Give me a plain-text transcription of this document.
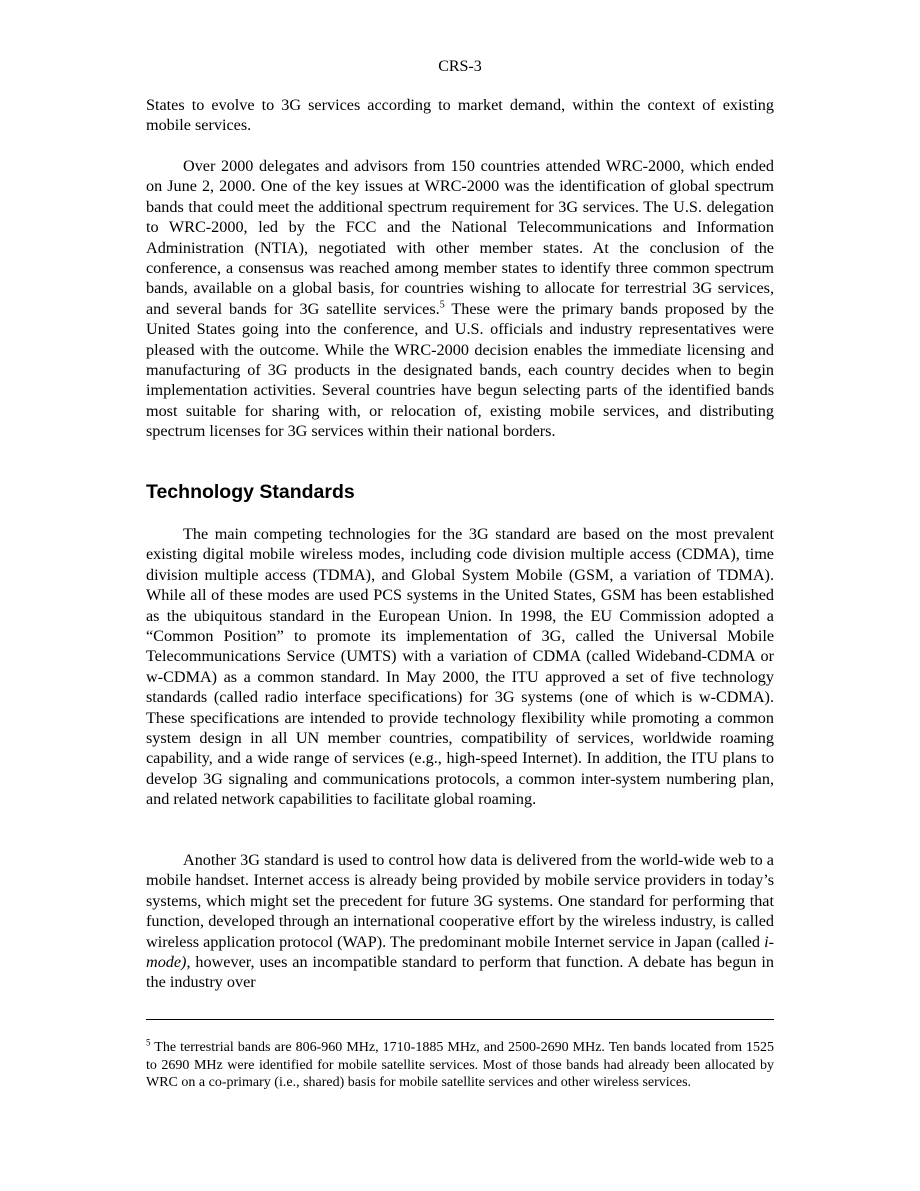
CRS-3
States to evolve to 3G services according to market demand, within the context of existing mobile services.
Over 2000 delegates and advisors from 150 countries attended WRC-2000, which ended on June 2, 2000. One of the key issues at WRC-2000 was the identification of global spectrum bands that could meet the additional spectrum requirement for 3G services. The U.S. delegation to WRC-2000, led by the FCC and the National Telecommunications and Information Administration (NTIA), negotiated with other member states. At the conclusion of the conference, a consensus was reached among member states to identify three common spectrum bands, available on a global basis, for countries wishing to allocate for terrestrial 3G services, and several bands for 3G satellite services.$^5$ These were the primary bands proposed by the United States going into the conference, and U.S. officials and industry representatives were pleased with the outcome. While the WRC-2000 decision enables the immediate licensing and manufacturing of 3G products in the designated bands, each country decides when to begin implementation activities. Several countries have begun selecting parts of the identified bands most suitable for sharing with, or relocation of, existing mobile services, and distributing spectrum licenses for 3G services within their national borders.
Technology Standards
The main competing technologies for the 3G standard are based on the most prevalent existing digital mobile wireless modes, including code division multiple access (CDMA), time division multiple access (TDMA), and Global System Mobile (GSM, a variation of TDMA). While all of these modes are used PCS systems in the United States, GSM has been established as the ubiquitous standard in the European Union. In 1998, the EU Commission adopted a “Common Position” to promote its implementation of 3G, called the Universal Mobile Telecommunications Service (UMTS) with a variation of CDMA (called Wideband-CDMA or w-CDMA) as a common standard. In May 2000, the ITU approved a set of five technology standards (called radio interface specifications) for 3G systems (one of which is w-CDMA). These specifications are intended to provide technology flexibility while promoting a common system design in all UN member countries, compatibility of services, worldwide roaming capability, and a wide range of services (e.g., high-speed Internet). In addition, the ITU plans to develop 3G signaling and communications protocols, a common inter-system numbering plan, and related network capabilities to facilitate global roaming.
Another 3G standard is used to control how data is delivered from the world-wide web to a mobile handset. Internet access is already being provided by mobile service providers in today’s systems, which might set the precedent for future 3G systems. One standard for performing that function, developed through an international cooperative effort by the wireless industry, is called wireless application protocol (WAP). The predominant mobile Internet service in Japan (called i-mode), however, uses an incompatible standard to perform that function. A debate has begun in the industry over
$^5$ The terrestrial bands are 806-960 MHz, 1710-1885 MHz, and 2500-2690 MHz. Ten bands located from 1525 to 2690 MHz were identified for mobile satellite services. Most of those bands had already been allocated by WRC on a co-primary (i.e., shared) basis for mobile satellite services and other wireless services.
